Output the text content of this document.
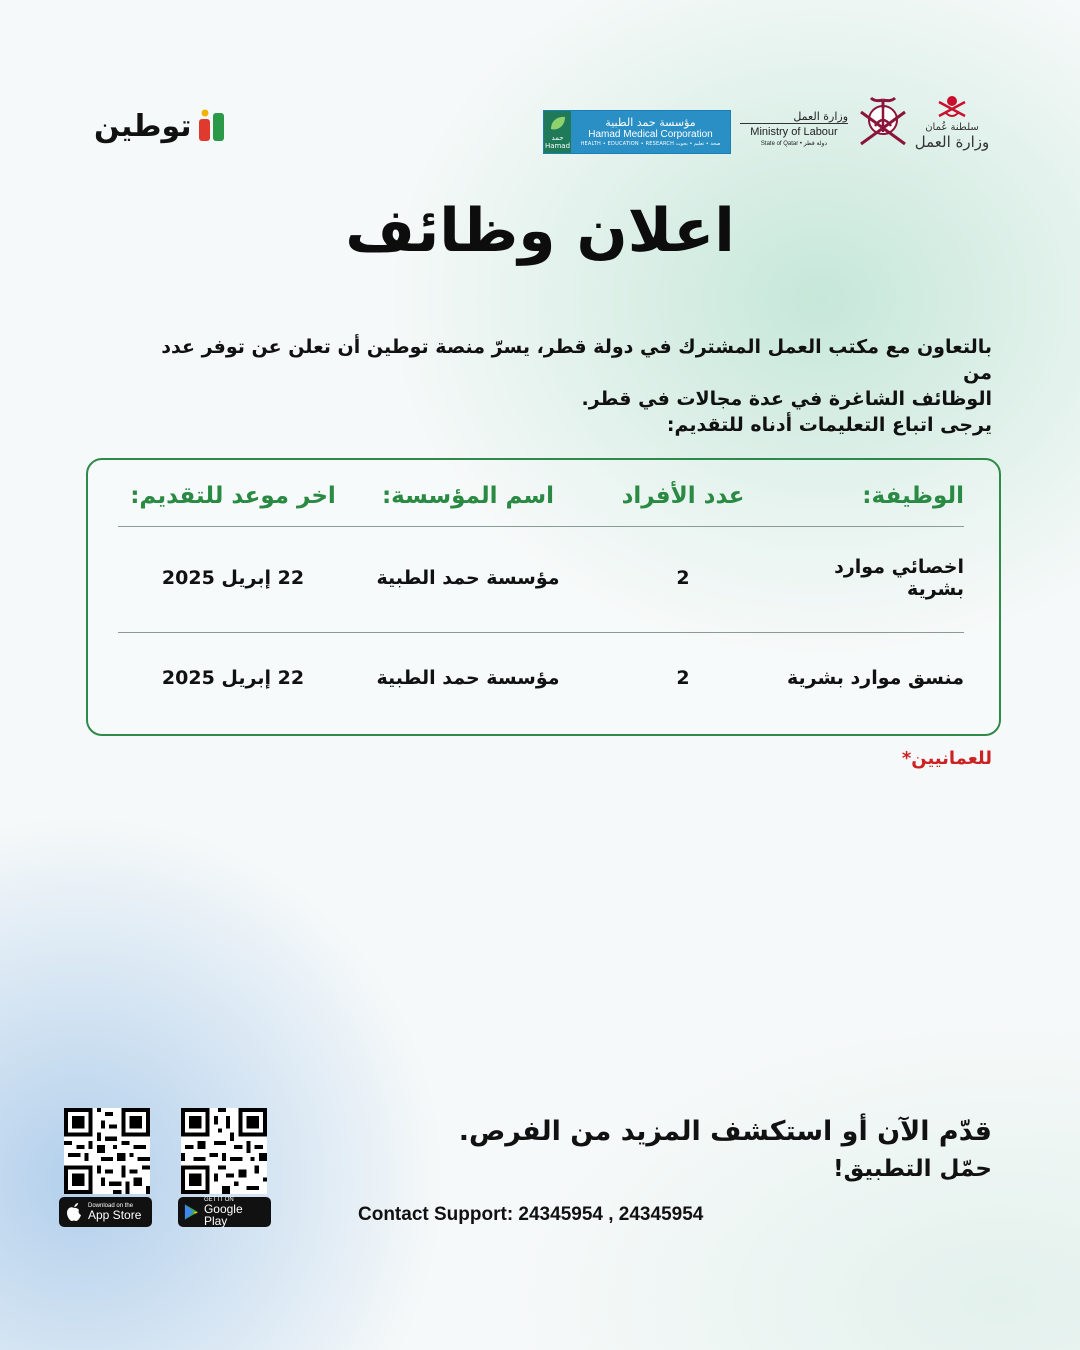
توطين	حمد
Hamad
مؤسسة حمد الطبية
Hamad Medical Corporation
HEALTH • EDUCATION • RESEARCH صحة • تعليم • بحوث
وزارة العمل
Ministry of Labour
State of Qatar • دولة قطر
سلطنة عُمان
وزارة العمل
اعلان وظائف

بالتعاون مع مكتب العمل المشترك في دولة قطر، يسرّ منصة توطين أن تعلن عن توفر عدد من

الوظائف الشاغرة في عدة مجالات في قطر.

يرجى اتباع التعليمات أدناه للتقديم:

الوظيفة:
عدد الأفراد
اسم المؤسسة:
اخر موعد للتقديم:
اخصائي موارد بشرية
2
مؤسسة حمد الطبية
22 إبريل 2025
منسق موارد بشرية
2
مؤسسة حمد الطبية
22 إبريل 2025
للعمانيين*
Download on the
App Store
GET IT ON
Google Play
قدّم الآن أو استكشف المزيد من الفرص.
حمّل التطبيق!
Contact Support: 24345954 , 24345954
